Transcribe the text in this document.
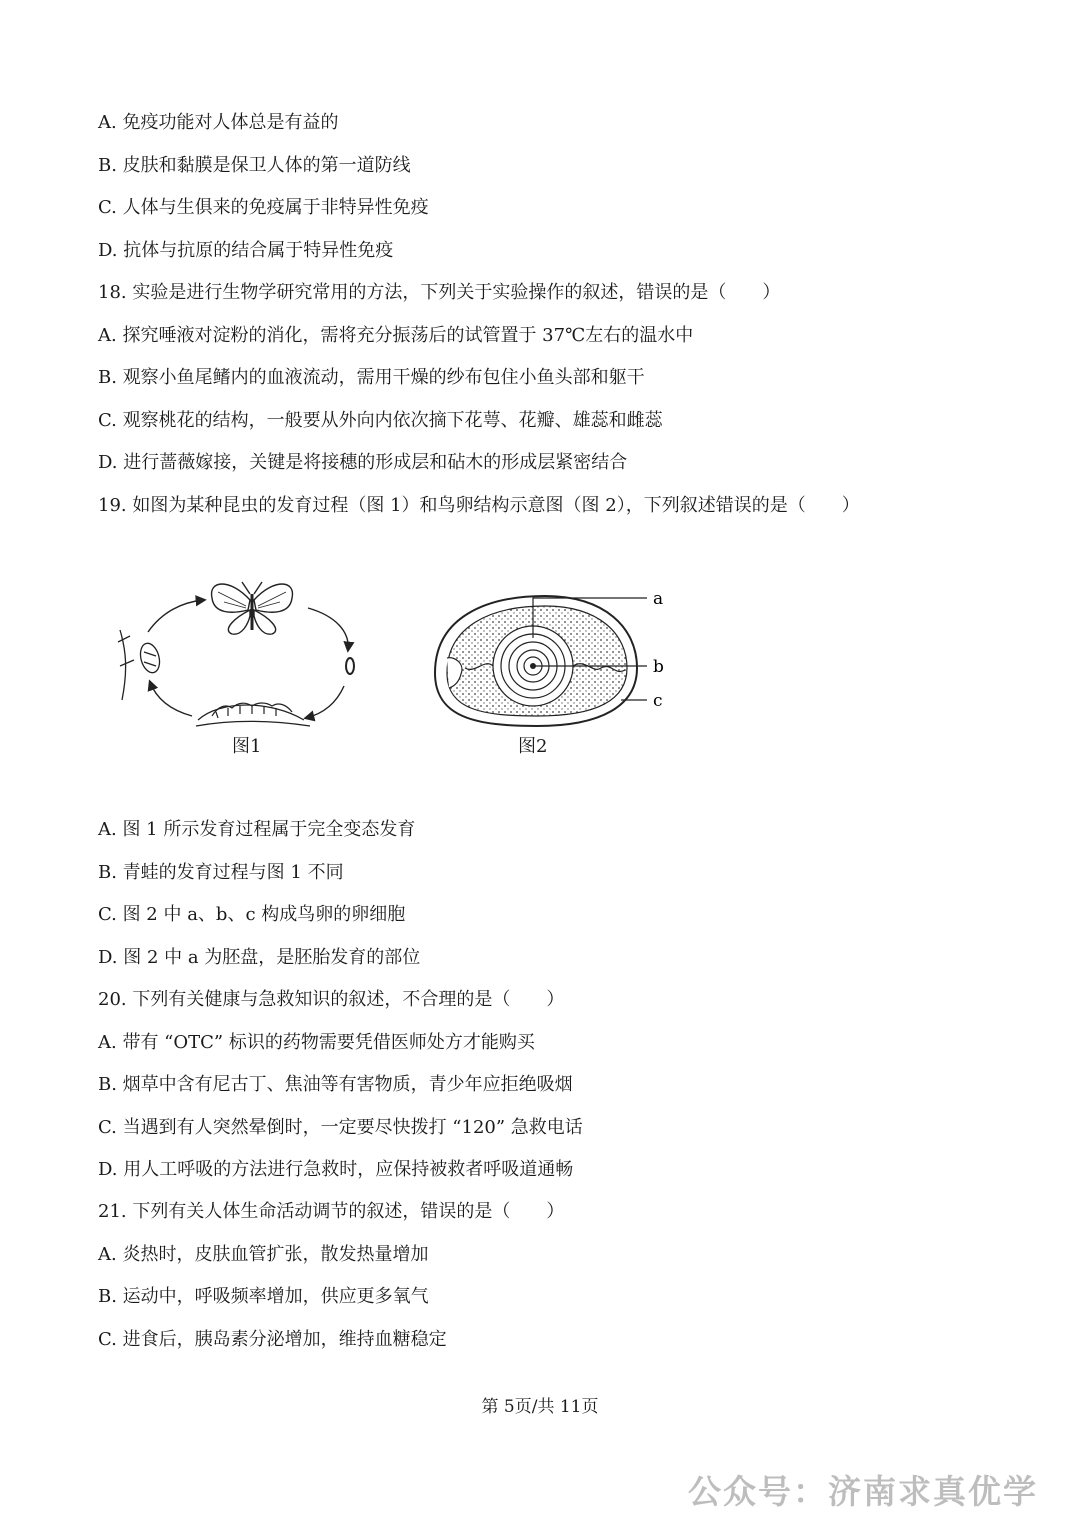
A. 免疫功能对人体总是有益的
B. 皮肤和黏膜是保卫人体的第一道防线
C. 人体与生俱来的免疫属于非特异性免疫
D. 抗体与抗原的结合属于特异性免疫
18. 实验是进行生物学研究常用的方法，下列关于实验操作的叙述，错误的是（　　）
A. 探究唾液对淀粉的消化，需将充分振荡后的试管置于 37℃左右的温水中
B. 观察小鱼尾鳍内的血液流动，需用干燥的纱布包住小鱼头部和躯干
C. 观察桃花的结构，一般要从外向内依次摘下花萼、花瓣、雄蕊和雌蕊
D. 进行蔷薇嫁接，关键是将接穗的形成层和砧木的形成层紧密结合
19. 如图为某种昆虫的发育过程（图 1）和鸟卵结构示意图（图 2），下列叙述错误的是（　　）
图1
a
b
c
图2
A. 图 1 所示发育过程属于完全变态发育
B. 青蛙的发育过程与图 1 不同
C. 图 2 中 a、b、c 构成鸟卵的卵细胞
D. 图 2 中 a 为胚盘，是胚胎发育的部位
20. 下列有关健康与急救知识的叙述，不合理的是（　　）
A. 带有 “OTC” 标识的药物需要凭借医师处方才能购买
B. 烟草中含有尼古丁、焦油等有害物质，青少年应拒绝吸烟
C. 当遇到有人突然晕倒时，一定要尽快拨打 “120” 急救电话
D. 用人工呼吸的方法进行急救时，应保持被救者呼吸道通畅
21. 下列有关人体生命活动调节的叙述，错误的是（　　）
A. 炎热时，皮肤血管扩张，散发热量增加
B. 运动中，呼吸频率增加，供应更多氧气
C. 进食后，胰岛素分泌增加，维持血糖稳定
第 5页/共 11页
公众号：济南求真优学
